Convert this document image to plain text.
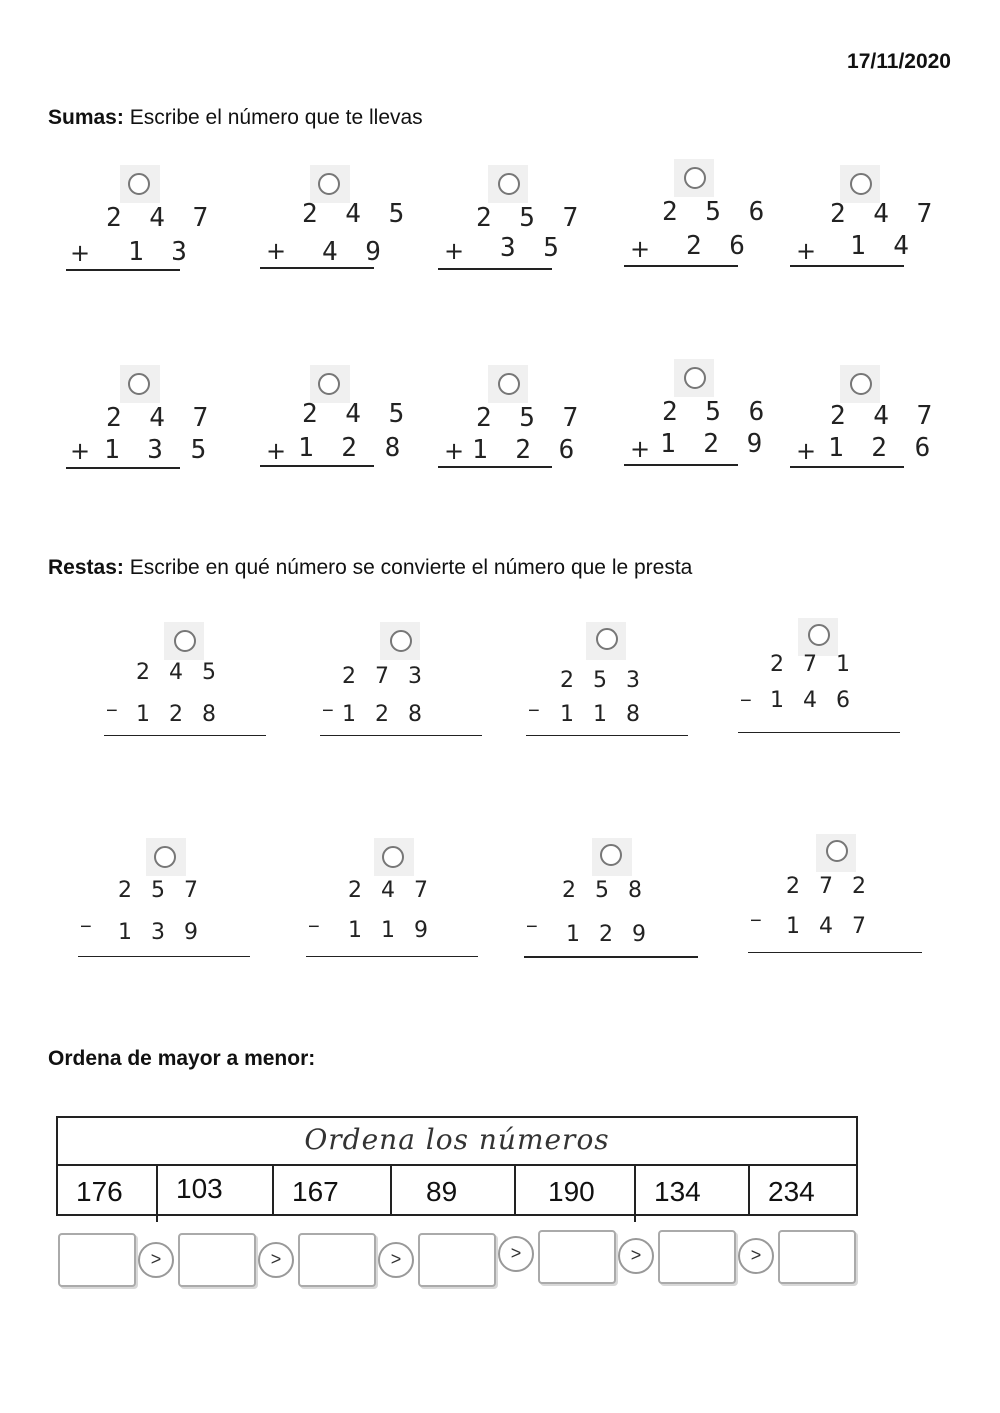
17/11/2020
Sumas: Escribe el número que te llevas
2 4 7
+ 1 3
2 4 5
+ 4 9
2 5 7
+ 3 5
2 5 6
+ 2 6
2 4 7
+ 1 4
2 4 7
+ 1 3 5
2 4 5
+ 1 2 8
2 5 7
+ 1 2 6
2 5 6
+ 1 2 9
2 4 7
+ 1 2 6
Restas: Escribe en qué número se convierte el número que le presta
245
− 128
273
− 128
253
− 118
271
− 146
257
− 139
247
− 119
258
− 129
272
− 147
Ordena de mayor a menor:
Ordena los números
176	103	167	89	190	134	234
>	>	>	>	>	>
